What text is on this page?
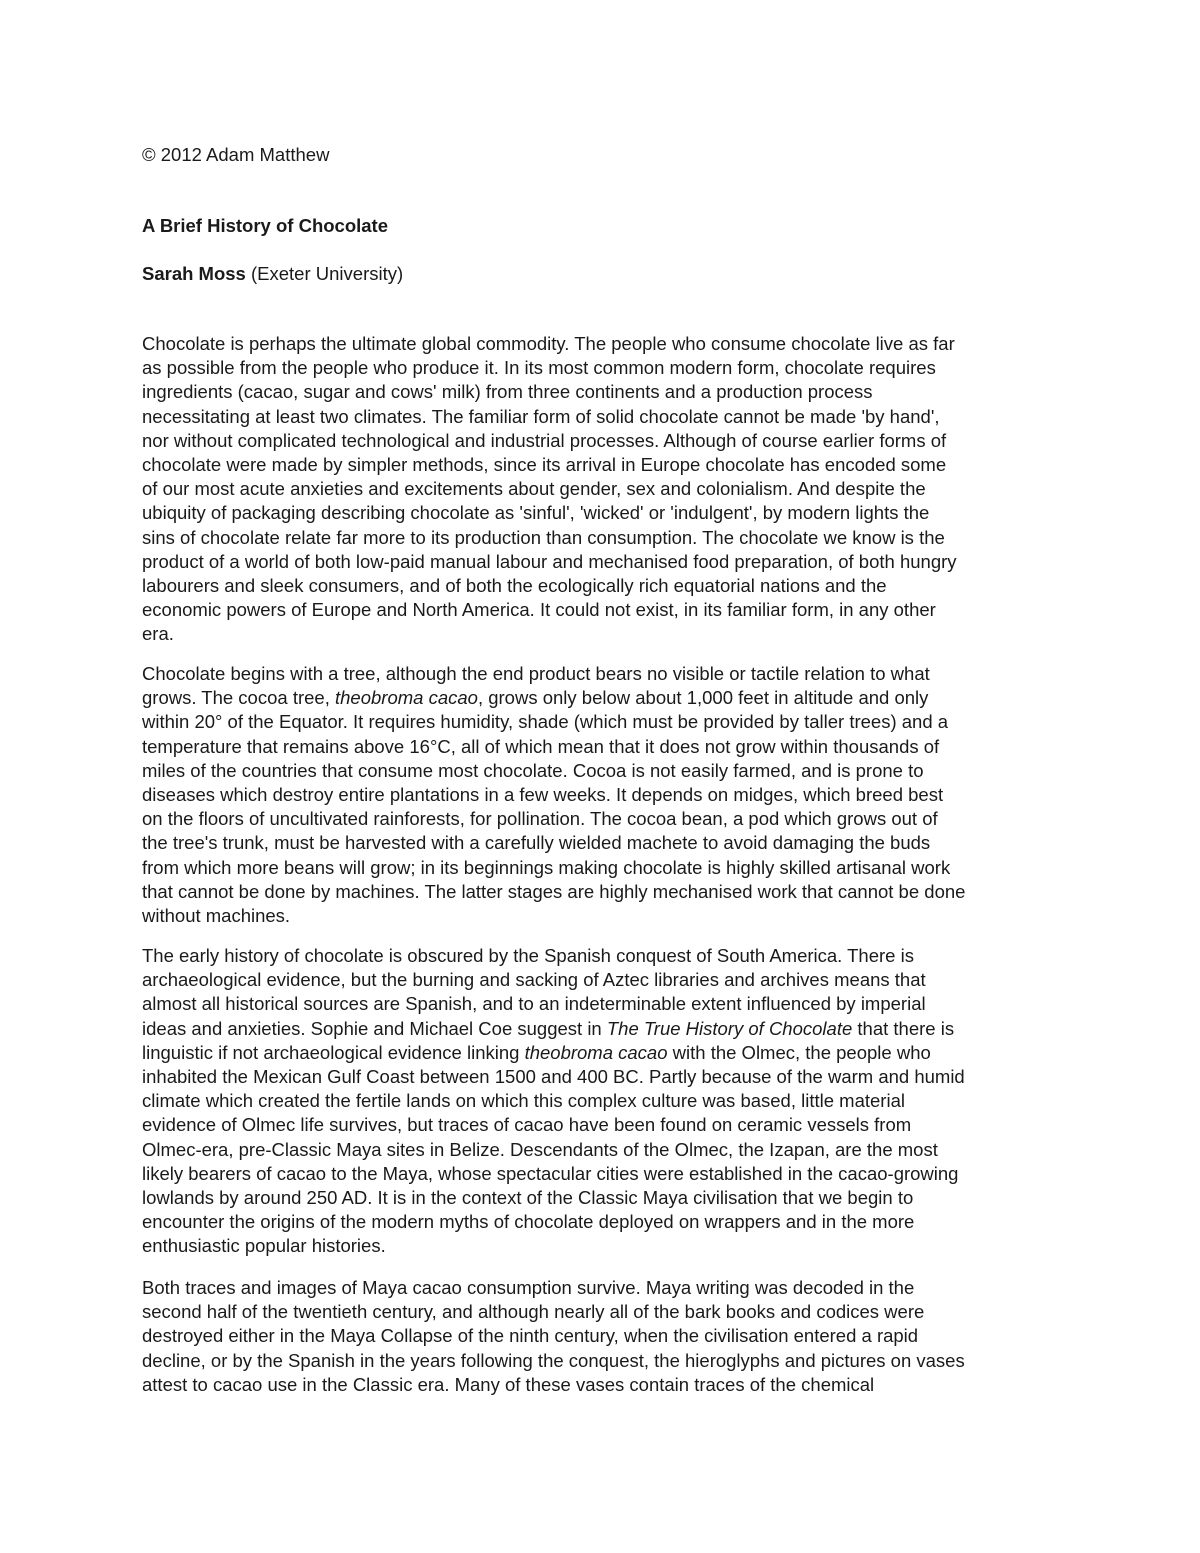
© 2012 Adam Matthew
A Brief History of Chocolate
Sarah Moss (Exeter University)
Chocolate is perhaps the ultimate global commodity. The people who consume chocolate live as far
as possible from the people who produce it. In its most common modern form, chocolate requires
ingredients (cacao, sugar and cows' milk) from three continents and a production process
necessitating at least two climates. The familiar form of solid chocolate cannot be made 'by hand',
nor without complicated technological and industrial processes. Although of course earlier forms of
chocolate were made by simpler methods, since its arrival in Europe chocolate has encoded some
of our most acute anxieties and excitements about gender, sex and colonialism. And despite the
ubiquity of packaging describing chocolate as 'sinful', 'wicked' or 'indulgent', by modern lights the
sins of chocolate relate far more to its production than consumption. The chocolate we know is the
product of a world of both low-paid manual labour and mechanised food preparation, of both hungry
labourers and sleek consumers, and of both the ecologically rich equatorial nations and the
economic powers of Europe and North America. It could not exist, in its familiar form, in any other
era.
Chocolate begins with a tree, although the end product bears no visible or tactile relation to what
grows. The cocoa tree, theobroma cacao, grows only below about 1,000 feet in altitude and only
within 20° of the Equator. It requires humidity, shade (which must be provided by taller trees) and a
temperature that remains above 16°C, all of which mean that it does not grow within thousands of
miles of the countries that consume most chocolate. Cocoa is not easily farmed, and is prone to
diseases which destroy entire plantations in a few weeks. It depends on midges, which breed best
on the floors of uncultivated rainforests, for pollination. The cocoa bean, a pod which grows out of
the tree's trunk, must be harvested with a carefully wielded machete to avoid damaging the buds
from which more beans will grow; in its beginnings making chocolate is highly skilled artisanal work
that cannot be done by machines. The latter stages are highly mechanised work that cannot be done
without machines.
The early history of chocolate is obscured by the Spanish conquest of South America. There is
archaeological evidence, but the burning and sacking of Aztec libraries and archives means that
almost all historical sources are Spanish, and to an indeterminable extent influenced by imperial
ideas and anxieties. Sophie and Michael Coe suggest in The True History of Chocolate that there is
linguistic if not archaeological evidence linking theobroma cacao with the Olmec, the people who
inhabited the Mexican Gulf Coast between 1500 and 400 BC. Partly because of the warm and humid
climate which created the fertile lands on which this complex culture was based, little material
evidence of Olmec life survives, but traces of cacao have been found on ceramic vessels from
Olmec-era, pre-Classic Maya sites in Belize. Descendants of the Olmec, the Izapan, are the most
likely bearers of cacao to the Maya, whose spectacular cities were established in the cacao-growing
lowlands by around 250 AD. It is in the context of the Classic Maya civilisation that we begin to
encounter the origins of the modern myths of chocolate deployed on wrappers and in the more
enthusiastic popular histories.
Both traces and images of Maya cacao consumption survive. Maya writing was decoded in the
second half of the twentieth century, and although nearly all of the bark books and codices were
destroyed either in the Maya Collapse of the ninth century, when the civilisation entered a rapid
decline, or by the Spanish in the years following the conquest, the hieroglyphs and pictures on vases
attest to cacao use in the Classic era. Many of these vases contain traces of the chemical
